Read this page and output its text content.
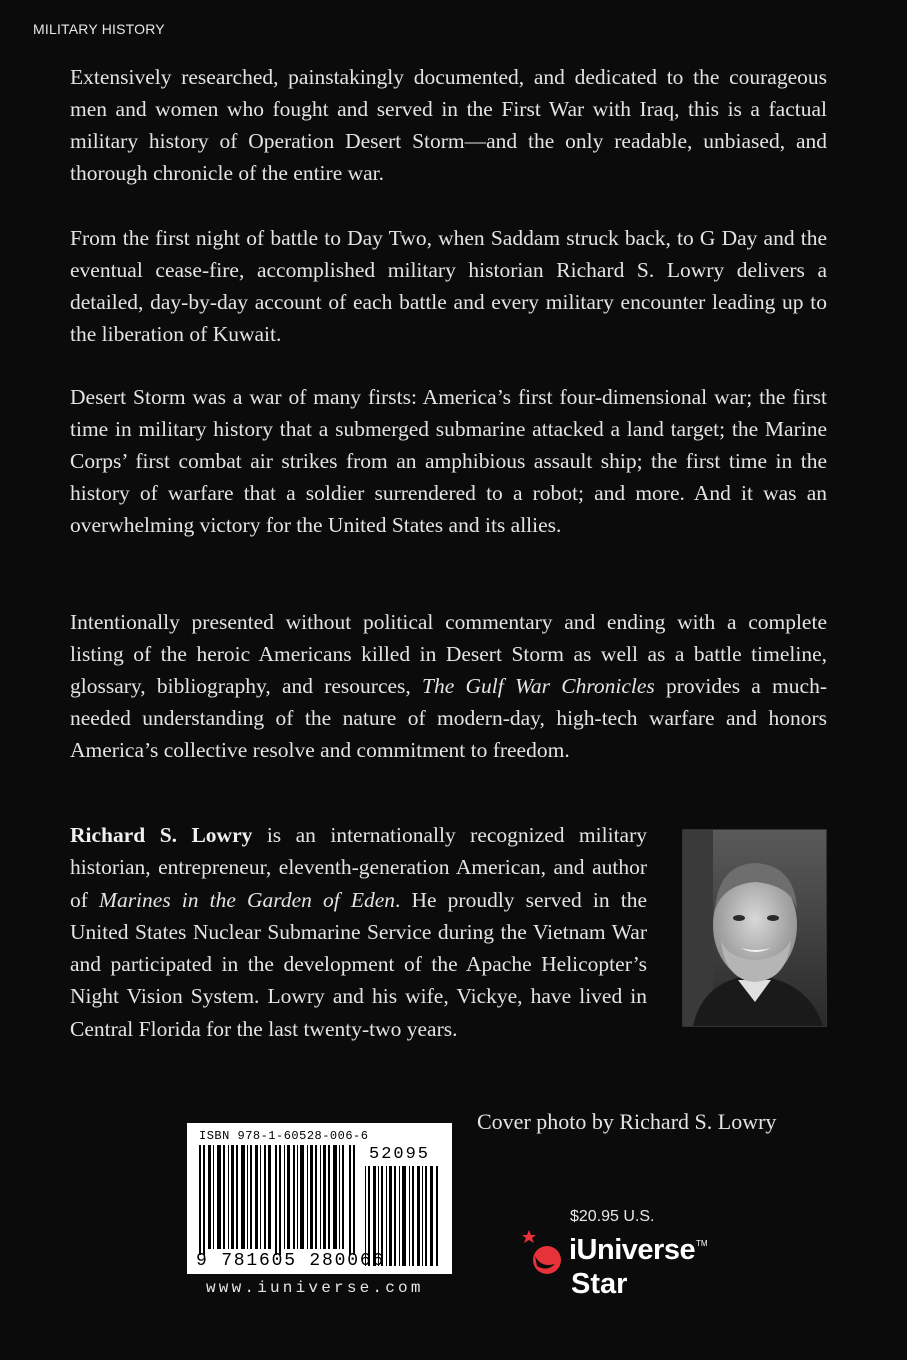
MILITARY HISTORY

Extensively researched, painstakingly documented, and dedicated to the courageous men and women who fought and served in the First War with Iraq, this is a factual military history of Operation Desert Storm—and the only readable, unbiased, and thorough chronicle of the entire war.

From the first night of battle to Day Two, when Saddam struck back, to G Day and the eventual cease-fire, accomplished military historian Richard S. Lowry delivers a detailed, day-by-day account of each battle and every military encounter leading up to the liberation of Kuwait.

Desert Storm was a war of many firsts: America’s first four-dimensional war; the first time in military history that a submerged submarine attacked a land target; the Marine Corps’ first combat air strikes from an amphibious assault ship; the first time in the history of warfare that a soldier surrendered to a robot; and more. And it was an overwhelming victory for the United States and its allies.

Intentionally presented without political commentary and ending with a complete listing of the heroic Americans killed in Desert Storm as well as a battle timeline, glossary, bibliography, and resources, The Gulf War Chronicles provides a much-needed understanding of the nature of modern-day, high-tech warfare and honors America’s collective resolve and commitment to freedom.

Richard S. Lowry is an internationally recognized military historian, entrepreneur, eleventh-generation American, and author of Marines in the Garden of Eden. He proudly served in the United States Nuclear Submarine Service during the Vietnam War and participated in the development of the Apache Helicopter’s Night Vision System. Lowry and his wife, Vickye, have lived in Central Florida for the last twenty-two years.

Cover photo by Richard S. Lowry
ISBN 978-1-60528-006-6
52095
9 781605 280066
www.iuniverse.com
$20.95 U.S.
iUniverse TM
Star
